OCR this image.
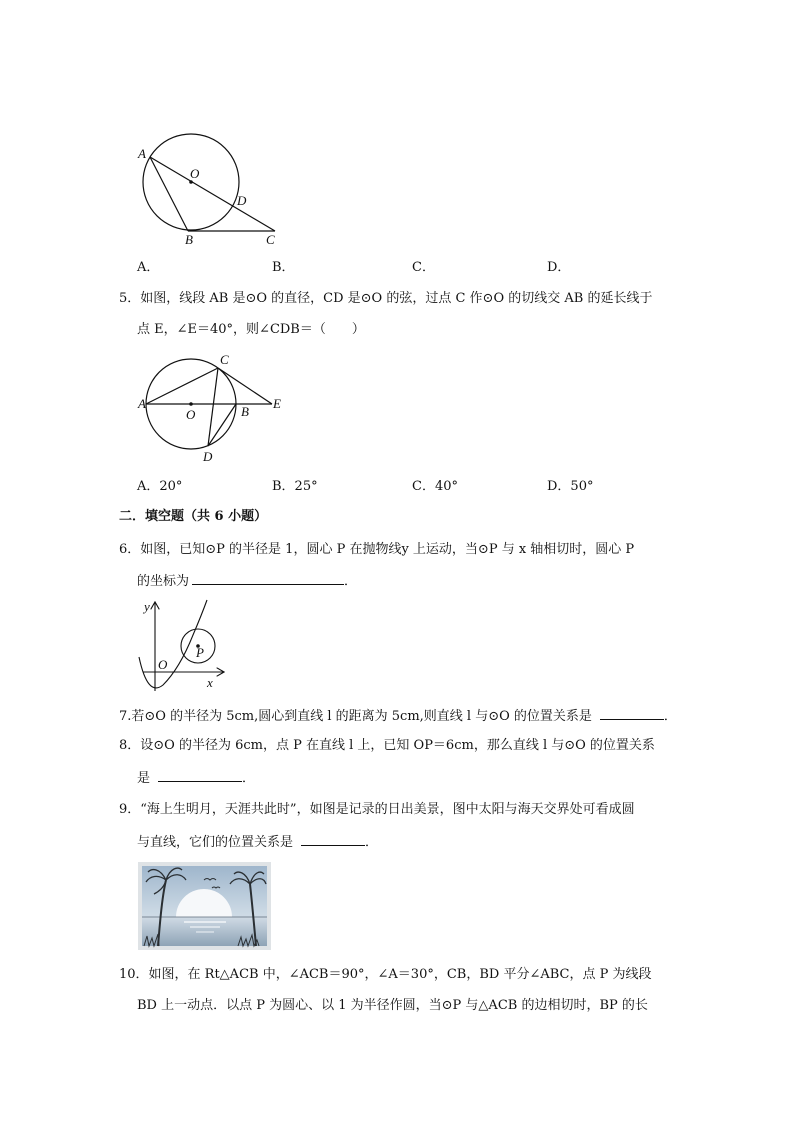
A
O
D
B	C
A．	B．	C．	D．
5．如图，线段 AB 是⊙O 的直径，CD 是⊙O 的弦，过点 C 作⊙O 的切线交 AB 的延长线于
点 E，∠E＝40°，则∠CDB＝（　　）
A
O
C
B
E
D
A．20°	B．25°	C．40°	D．50°
二．填空题（共 6 小题）
6．如图，已知⊙P 的半径是 1，圆心 P 在抛物线y 上运动，当⊙P 与 x 轴相切时，圆心 P
的坐标为	．
y
x
O
P
7.若⊙O 的半径为 5cm,圆心到直线 l 的距离为 5cm,则直线 l 与⊙O 的位置关系是	．
8．设⊙O 的半径为 6cm，点 P 在直线 l 上，已知 OP＝6cm，那么直线 l 与⊙O 的位置关系
是	．
9．“海上生明月，天涯共此时”，如图是记录的日出美景，图中太阳与海天交界处可看成圆
与直线，它们的位置关系是	．
10．如图，在 Rt△ACB 中，∠ACB＝90°，∠A＝30°，CB，BD 平分∠ABC，点 P 为线段
BD 上一动点．以点 P 为圆心、以 1 为半径作圆，当⊙P 与△ACB 的边相切时，BP 的长
